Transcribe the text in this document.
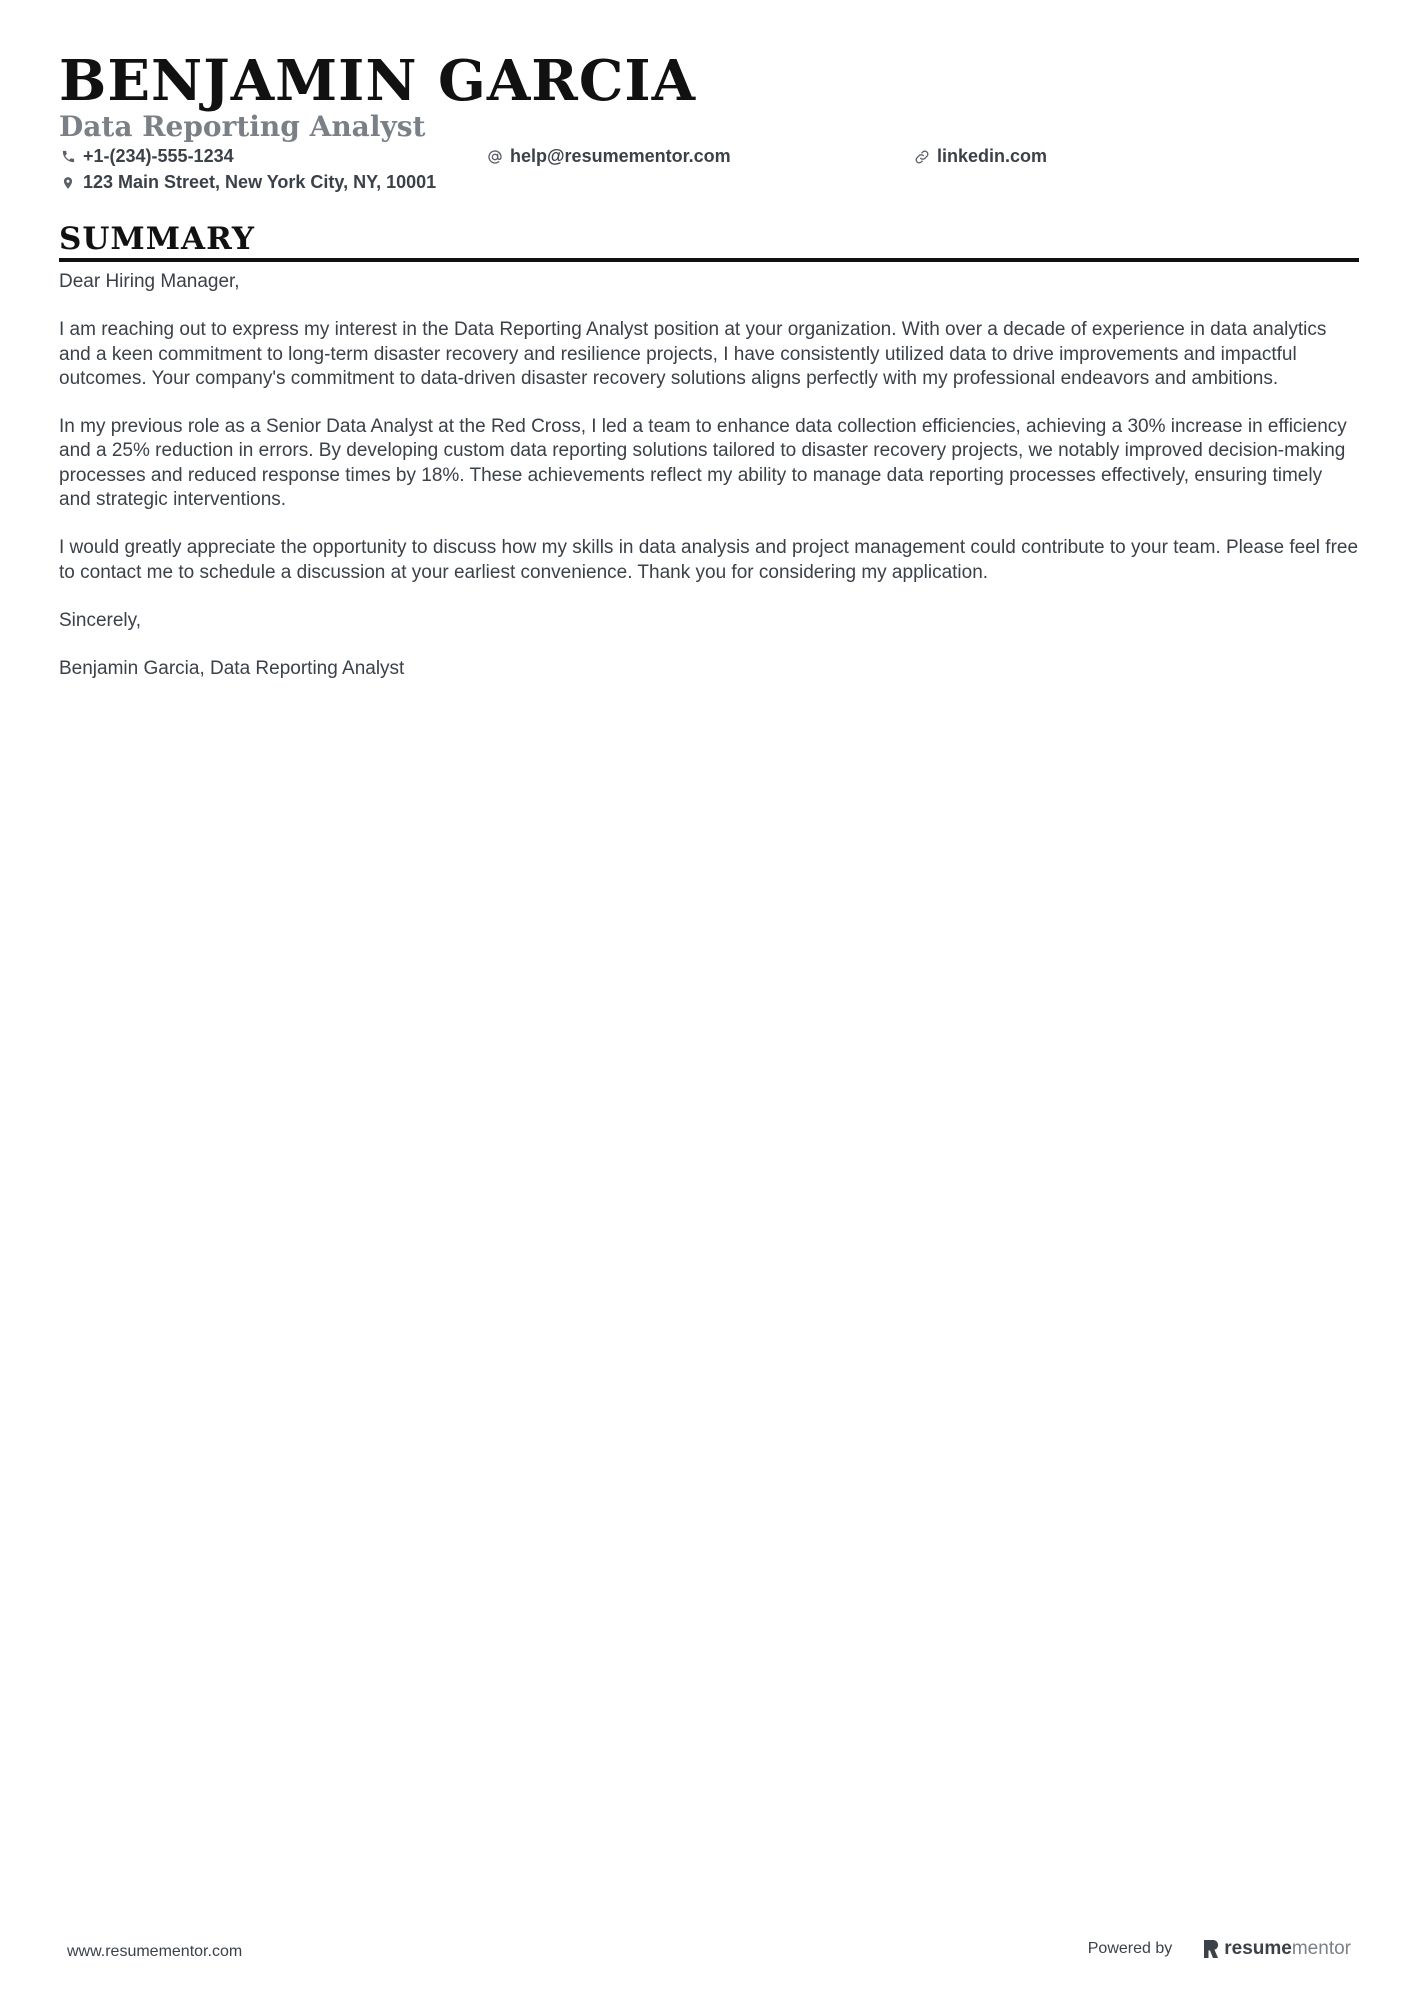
BENJAMIN GARCIA
Data Reporting Analyst
+1-(234)-555-1234	help@resumementor.com	linkedin.com
123 Main Street, New York City, NY, 10001
SUMMARY

Dear Hiring Manager,

I am reaching out to express my interest in the Data Reporting Analyst position at your organization. With over a decade of experience in data analytics and a keen commitment to long-term disaster recovery and resilience projects, I have consistently utilized data to drive improvements and impactful outcomes. Your company's commitment to data-driven disaster recovery solutions aligns perfectly with my professional endeavors and ambitions.

In my previous role as a Senior Data Analyst at the Red Cross, I led a team to enhance data collection efficiencies, achieving a 30% increase in efficiency and a 25% reduction in errors. By developing custom data reporting solutions tailored to disaster recovery projects, we notably improved decision-making processes and reduced response times by 18%. These achievements reflect my ability to manage data reporting processes effectively, ensuring timely and strategic interventions.

I would greatly appreciate the opportunity to discuss how my skills in data analysis and project management could contribute to your team. Please feel free to contact me to schedule a discussion at your earliest convenience. Thank you for considering my application.

Sincerely,

Benjamin Garcia, Data Reporting Analyst

www.resumementor.com	Powered by	resume mentor
